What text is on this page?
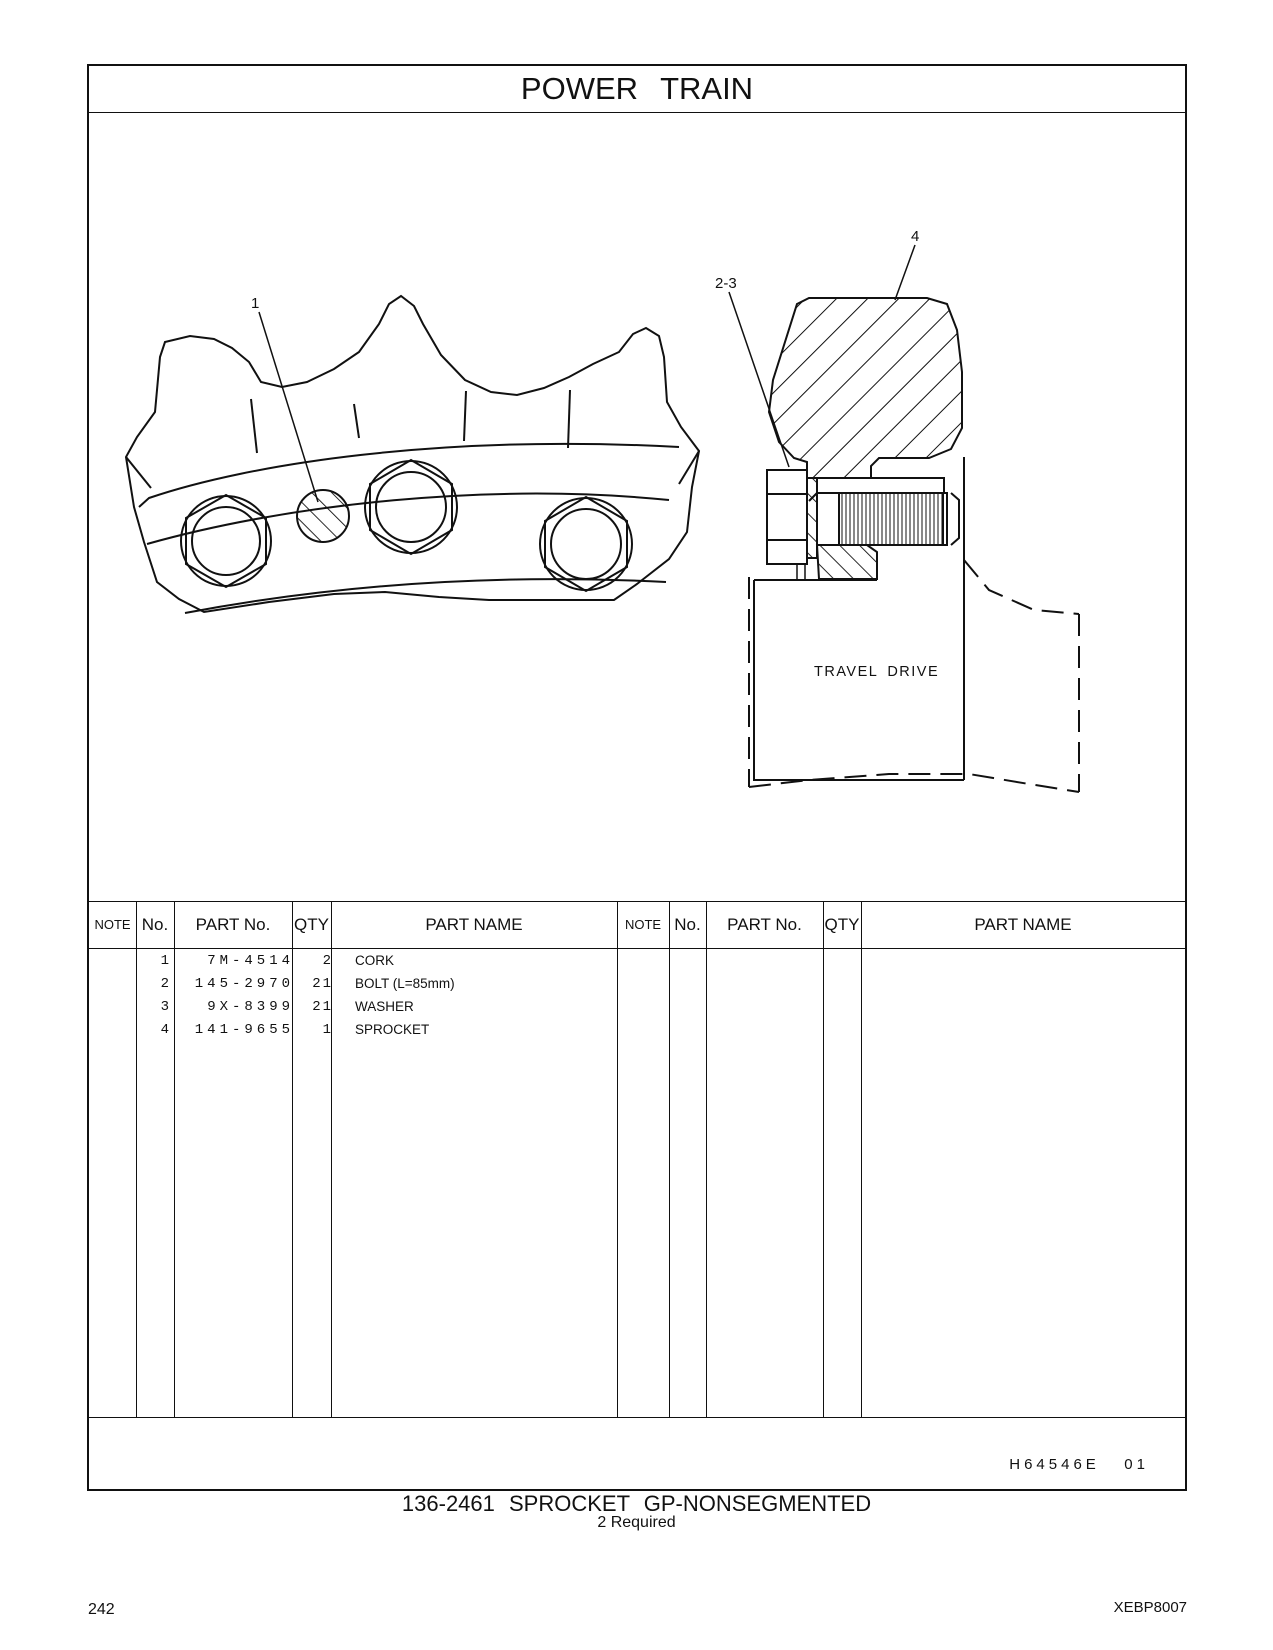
POWER TRAIN
1
2-3
4
TRAVEL DRIVE
NOTE No.	PART No.	QTY	PART NAME	NOTE No.	PART No.	QTY	PART NAME
1	7M-4514	2 CORK
2	145-2970	21 BOLT (L=85mm)
3	9X-8399	21 WASHER
4	141-9655	1 SPROCKET
H64546E   01
136-2461 SPROCKET GP-NONSEGMENTED
2 Required
242	XEBP8007
